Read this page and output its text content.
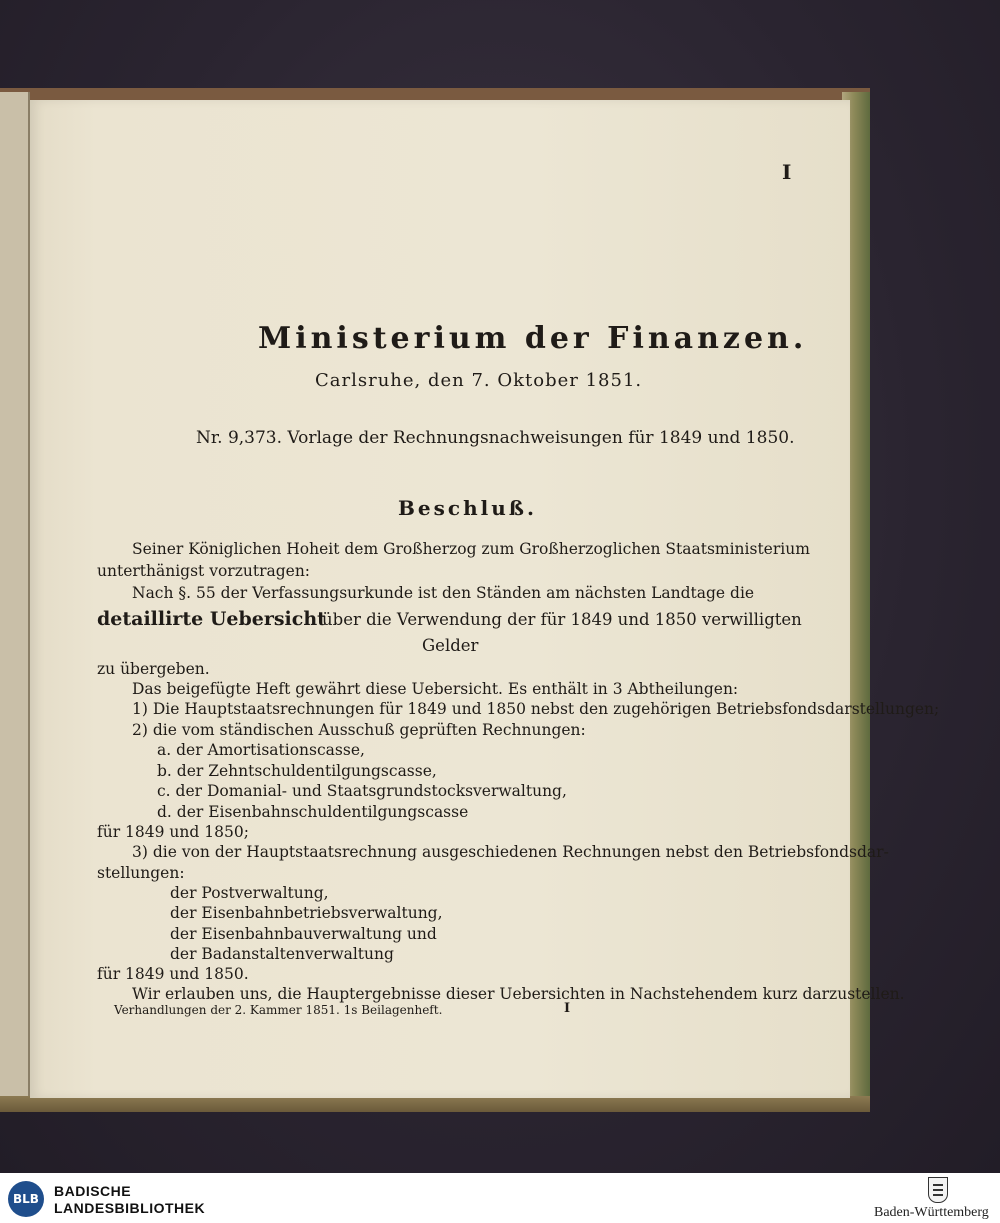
I
Ministerium der Finanzen.
Carlsruhe, den 7. Oktober 1851.
Nr. 9,373. Vorlage der Rechnungsnachweisungen für 1849 und 1850.
Beschluß.
Seiner Königlichen Hoheit dem Großherzog zum Großherzoglichen Staatsministerium
unterthänigst vorzutragen:
Nach §. 55 der Verfassungsurkunde ist den Ständen am nächsten Landtage die
detaillirte Uebersicht
über die Verwendung der für 1849 und 1850 verwilligten
Gelder
zu übergeben.
Das beigefügte Heft gewährt diese Uebersicht. Es enthält in 3 Abtheilungen:
1) Die Hauptstaatsrechnungen für 1849 und 1850 nebst den zugehörigen Betriebsfondsdarstellungen;
2) die vom ständischen Ausschuß geprüften Rechnungen:
a. der Amortisationscasse,
b. der Zehntschuldentilgungscasse,
c. der Domanial- und Staatsgrundstocksverwaltung,
d. der Eisenbahnschuldentilgungscasse
für 1849 und 1850;
3) die von der Hauptstaatsrechnung ausgeschiedenen Rechnungen nebst den Betriebsfondsdar-
stellungen:
der Postverwaltung,
der Eisenbahnbetriebsverwaltung,
der Eisenbahnbauverwaltung und
der Badanstaltenverwaltung
für 1849 und 1850.
Wir erlauben uns, die Hauptergebnisse dieser Uebersichten in Nachstehendem kurz darzustellen.
Verhandlungen der 2. Kammer 1851. 1s Beilagenheft.	I
BLB	BADISCHE
LANDESBIBLIOTHEK	Baden-Württemberg
